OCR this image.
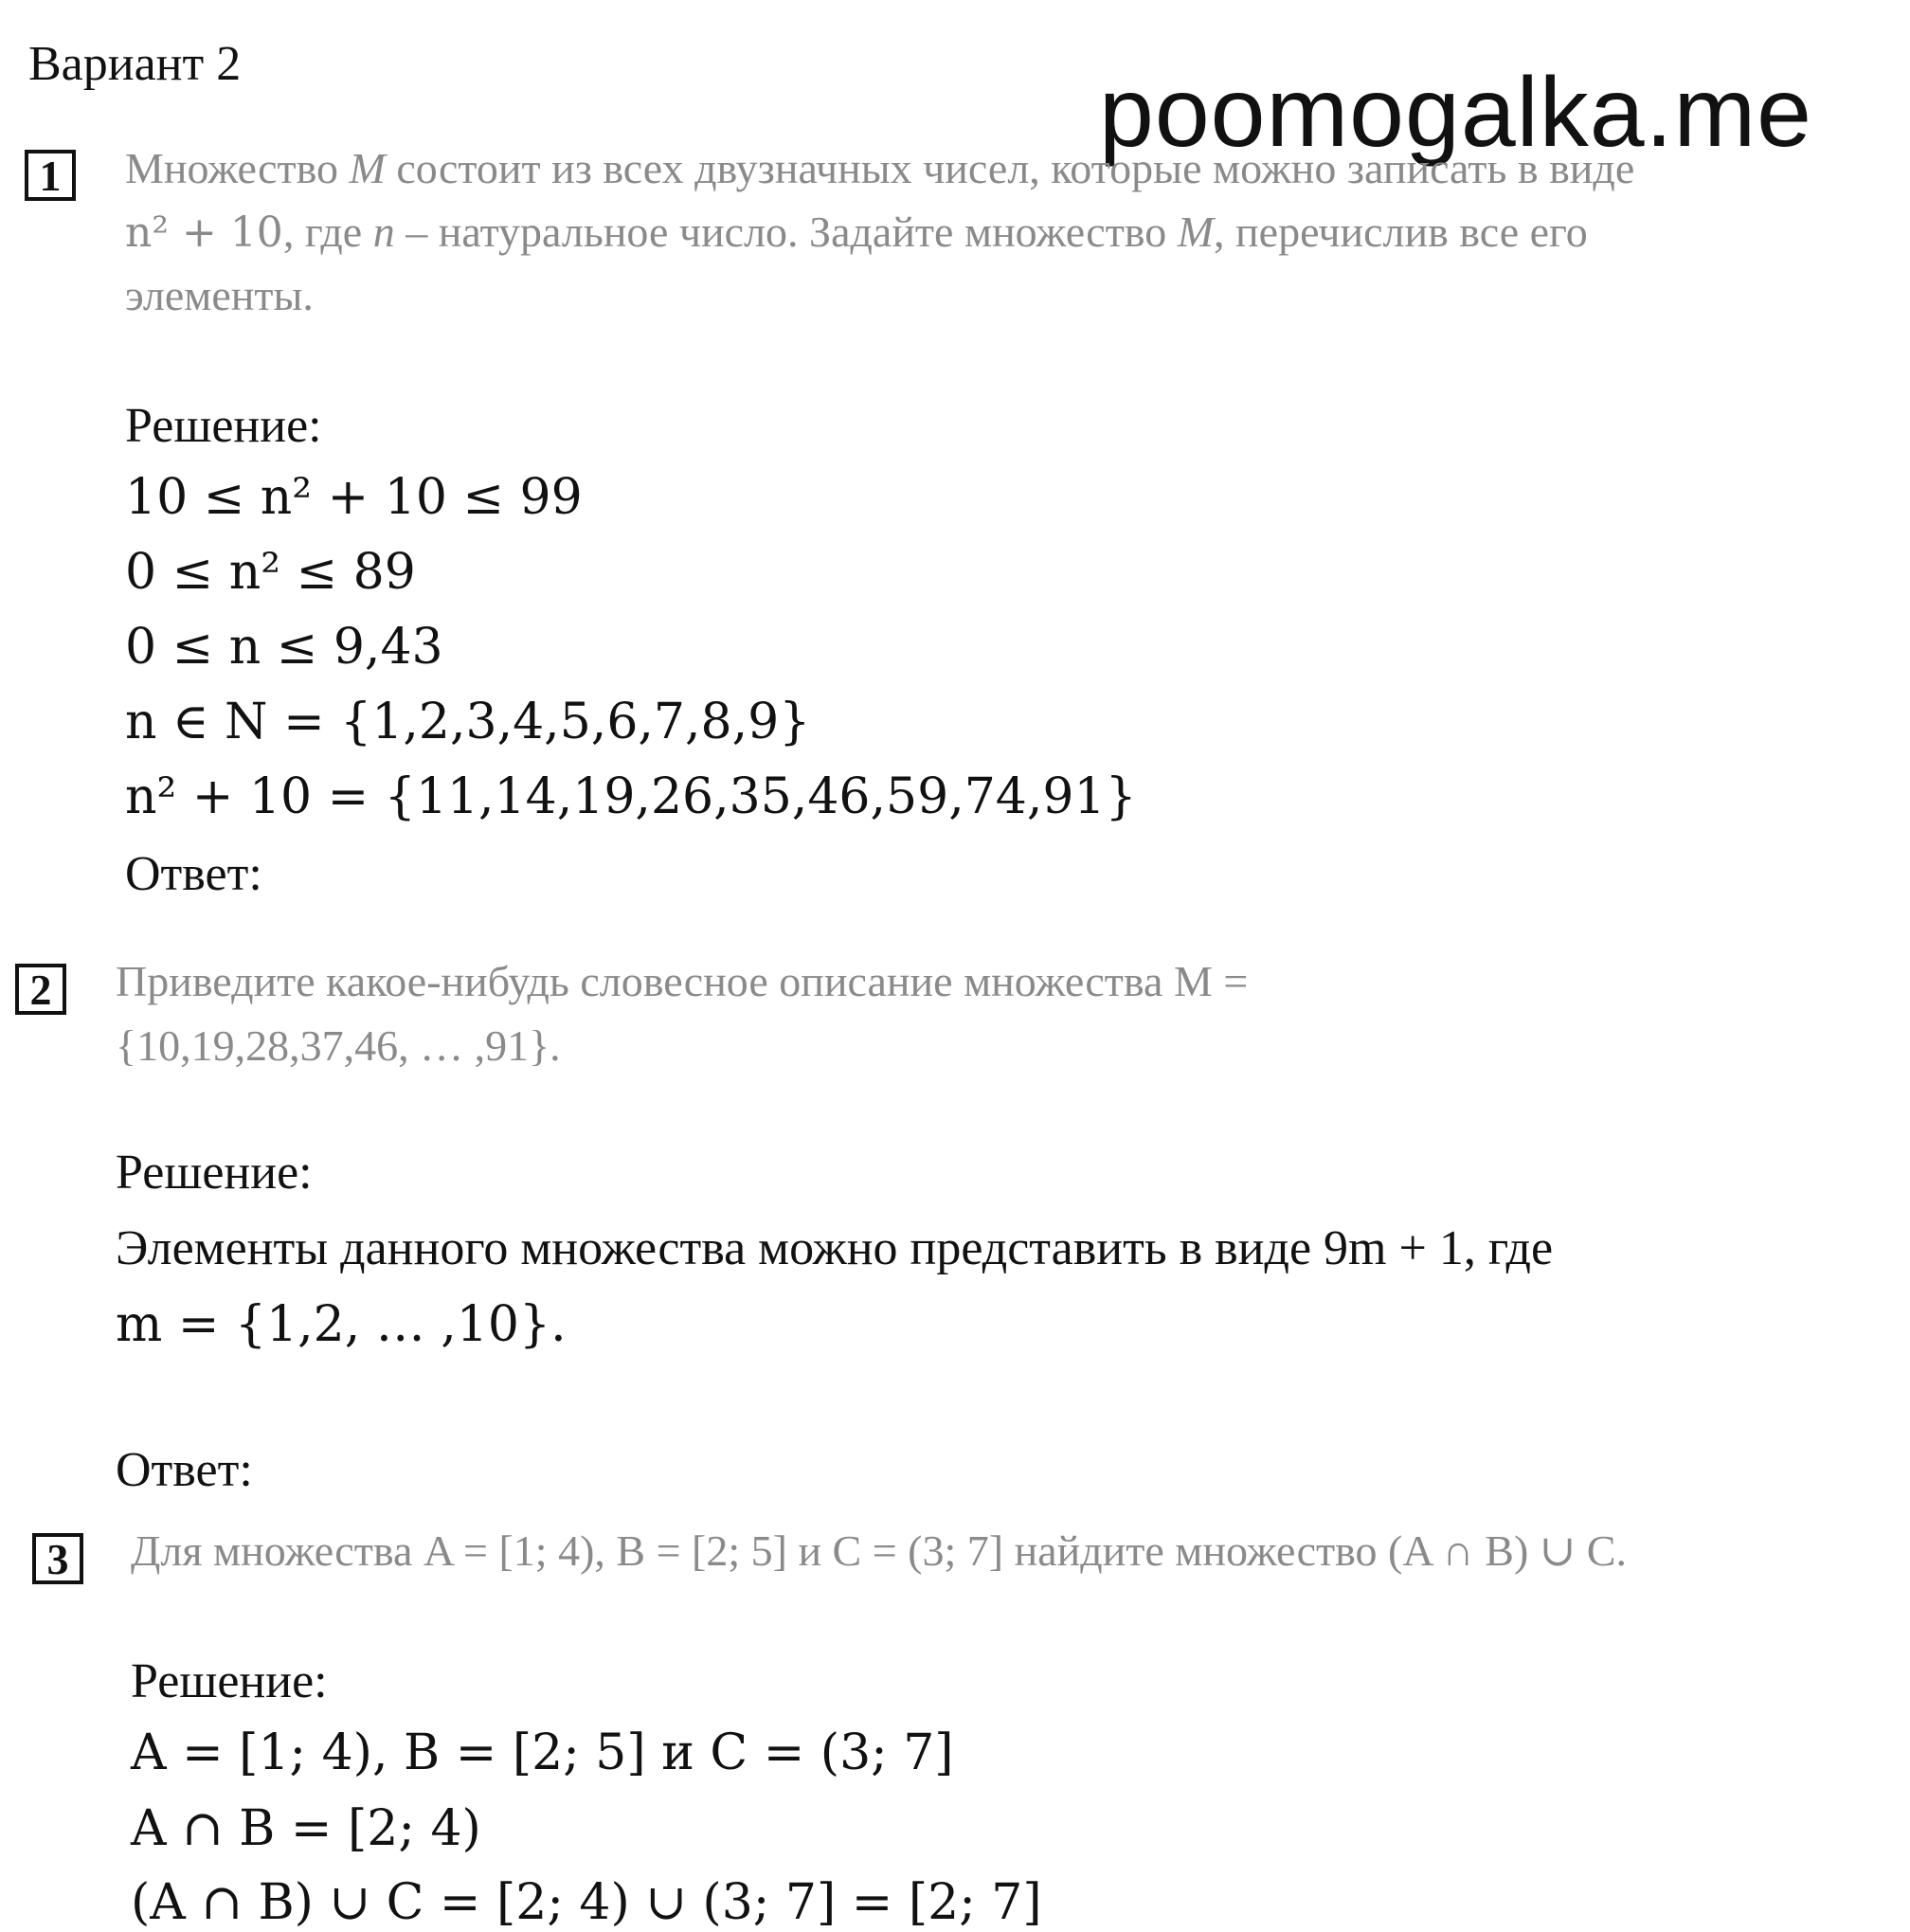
Вариант 2	poomogalka.me
1	Множество M состоит из всех двузначных чисел, которые можно записать в виде
n² + 10, где n – натуральное число. Задайте множество M, перечислив все его
элементы.
Решение:
10 ≤ n² + 10 ≤ 99
0 ≤ n² ≤ 89
0 ≤ n ≤ 9,43
n ∈ N = {1,2,3,4,5,6,7,8,9}
n² + 10 = {11,14,19,26,35,46,59,74,91}
Ответ:
2	Приведите какое-нибудь словесное описание множества M =
{10,19,28,37,46, … ,91}.
Решение:
Элементы данного множества можно представить в виде 9m + 1, где
m = {1,2, … ,10}.
Ответ:
3	Для множества A = [1; 4), B = [2; 5] и C = (3; 7] найдите множество (A ∩ B) ∪ C.
Решение:
A = [1; 4), B = [2; 5] и C = (3; 7]
A ∩ B = [2; 4)
(A ∩ B) ∪ C = [2; 4) ∪ (3; 7] = [2; 7]
